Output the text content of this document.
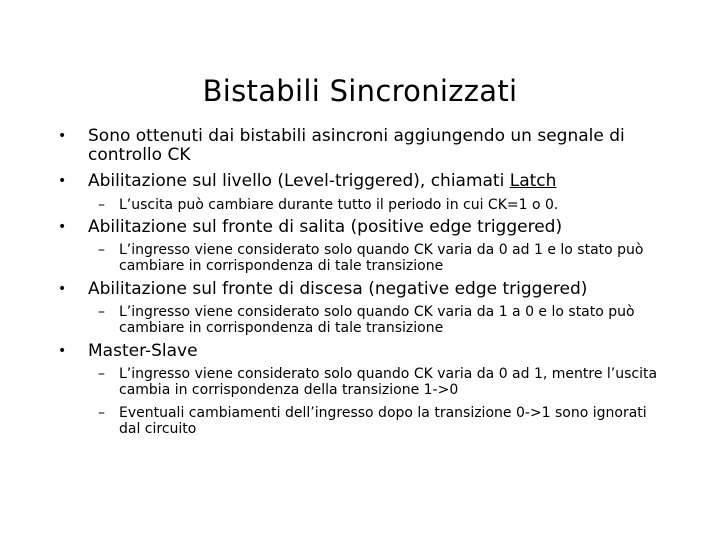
Bistabili Sincronizzati
•	Sono ottenuti dai bistabili asincroni aggiungendo un segnale di controllo CK
•	Abilitazione sul livello (Level-triggered), chiamati Latch
– L’uscita può cambiare durante tutto il periodo in cui CK=1 o 0.
•	Abilitazione sul fronte di salita (positive edge triggered)
– L’ingresso viene considerato solo quando CK varia da 0 ad 1 e lo stato può cambiare in corrispondenza di tale transizione
•	Abilitazione sul fronte di discesa (negative edge triggered)
– L’ingresso viene considerato solo quando CK varia da 1 a 0 e lo stato può cambiare in corrispondenza di tale transizione
•	Master-Slave
– L’ingresso viene considerato solo quando CK varia da 0 ad 1, mentre l’uscita cambia in corrispondenza della transizione 1->0
– Eventuali cambiamenti dell’ingresso dopo la transizione 0->1 sono ignorati dal circuito
